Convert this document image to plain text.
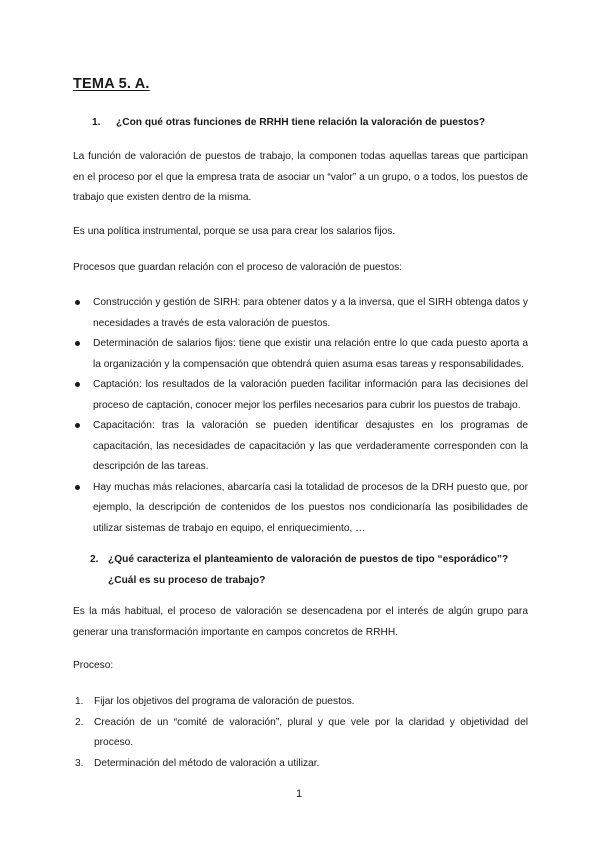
TEMA 5. A.
1. ¿Con qué otras funciones de RRHH tiene relación la valoración de puestos?
La función de valoración de puestos de trabajo, la componen todas aquellas tareas que participan en el proceso por el que la empresa trata de asociar un “valor” a un grupo, o a todos, los puestos de trabajo que existen dentro de la misma.
Es una política instrumental, porque se usa para crear los salarios fijos.
Procesos que guardan relación con el proceso de valoración de puestos:
Construcción y gestión de SIRH: para obtener datos y a la inversa, que el SIRH obtenga datos y necesidades a través de esta valoración de puestos.
Determinación de salarios fijos: tiene que existir una relación entre lo que cada puesto aporta a la organización y la compensación que obtendrá quien asuma esas tareas y responsabilidades.
Captación: los resultados de la valoración pueden facilitar información para las decisiones del proceso de captación, conocer mejor los perfiles necesarios para cubrir los puestos de trabajo.
Capacitación: tras la valoración se pueden identificar desajustes en los programas de capacitación, las necesidades de capacitación y las que verdaderamente corresponden con la descripción de las tareas.
Hay muchas más relaciones, abarcaría casi la totalidad de procesos de la DRH puesto que, por ejemplo, la descripción de contenidos de los puestos nos condicionaría las posibilidades de utilizar sistemas de trabajo en equipo, el enriquecimiento, …
2. ¿Qué caracteriza el planteamiento de valoración de puestos de tipo “esporádico”? ¿Cuál es su proceso de trabajo?
Es la más habitual, el proceso de valoración se desencadena por el interés de algún grupo para generar una transformación importante en campos concretos de RRHH.
Proceso:
1. Fijar los objetivos del programa de valoración de puestos.
2. Creación de un “comité de valoración”, plural y que vele por la claridad y objetividad del proceso.
3. Determinación del método de valoración a utilizar.
1
